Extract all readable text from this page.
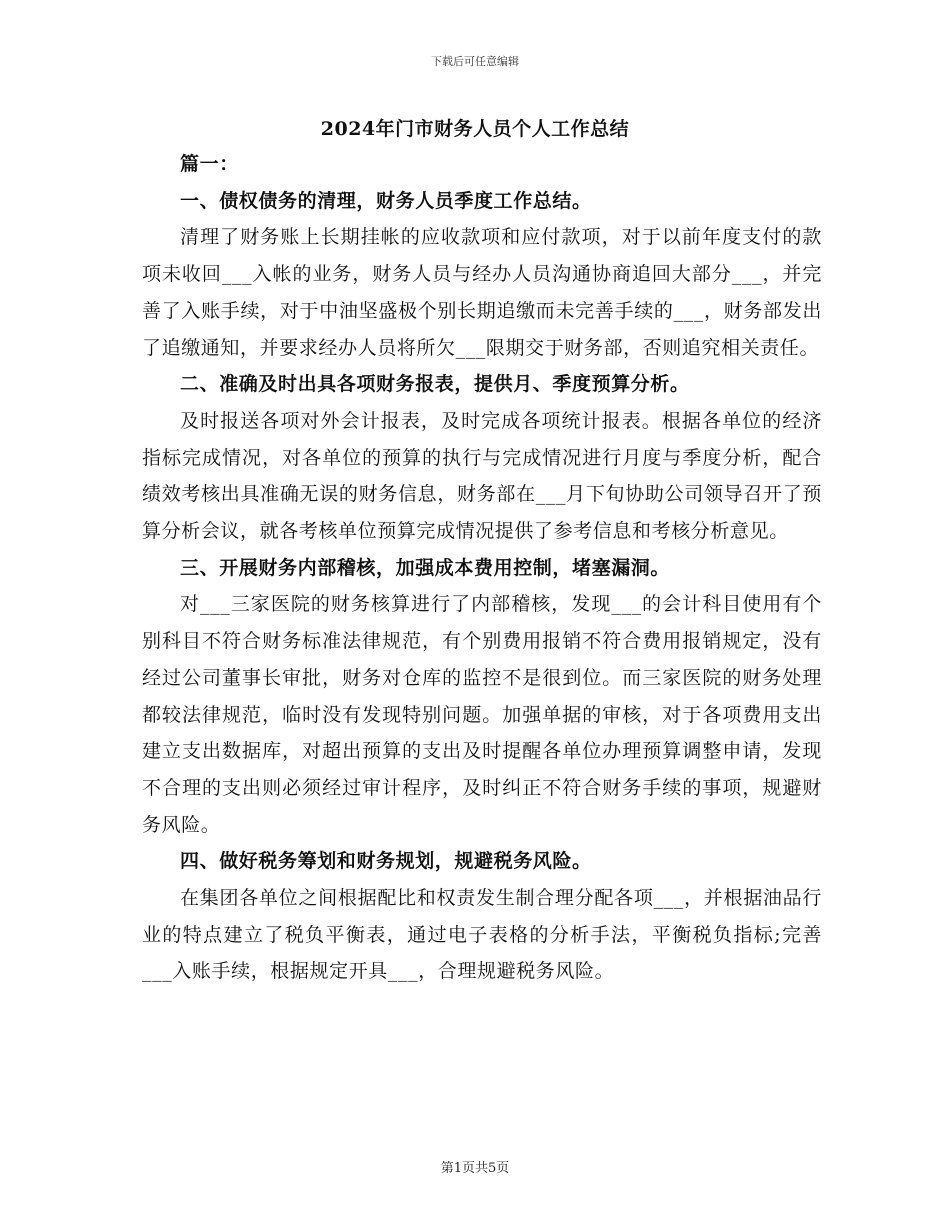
下载后可任意编辑
2024年门市财务人员个人工作总结

篇一：

一、债权债务的清理，财务人员季度工作总结。

清理了财务账上长期挂帐的应收款项和应付款项，对于以前年度支付的款项未收回___入帐的业务，财务人员与经办人员沟通协商追回大部分___，并完善了入账手续，对于中油坚盛极个别长期追缴而未完善手续的___，财务部发出了追缴通知，并要求经办人员将所欠___限期交于财务部，否则追究相关责任。

二、准确及时出具各项财务报表，提供月、季度预算分析。

及时报送各项对外会计报表，及时完成各项统计报表。根据各单位的经济指标完成情况，对各单位的预算的执行与完成情况进行月度与季度分析，配合绩效考核出具准确无误的财务信息，财务部在___月下旬协助公司领导召开了预算分析会议，就各考核单位预算完成情况提供了参考信息和考核分析意见。

三、开展财务内部稽核，加强成本费用控制，堵塞漏洞。

对___三家医院的财务核算进行了内部稽核，发现___的会计科目使用有个别科目不符合财务标准法律规范，有个别费用报销不符合费用报销规定，没有经过公司董事长审批，财务对仓库的监控不是很到位。而三家医院的财务处理都较法律规范，临时没有发现特别问题。加强单据的审核，对于各项费用支出建立支出数据库，对超出预算的支出及时提醒各单位办理预算调整申请，发现不合理的支出则必须经过审计程序，及时纠正不符合财务手续的事项，规避财务风险。

四、做好税务筹划和财务规划，规避税务风险。

在集团各单位之间根据配比和权责发生制合理分配各项___，并根据油品行业的特点建立了税负平衡表，通过电子表格的分析手法，平衡税负指标;完善___入账手续，根据规定开具___，合理规避税务风险。

第1页共5页
